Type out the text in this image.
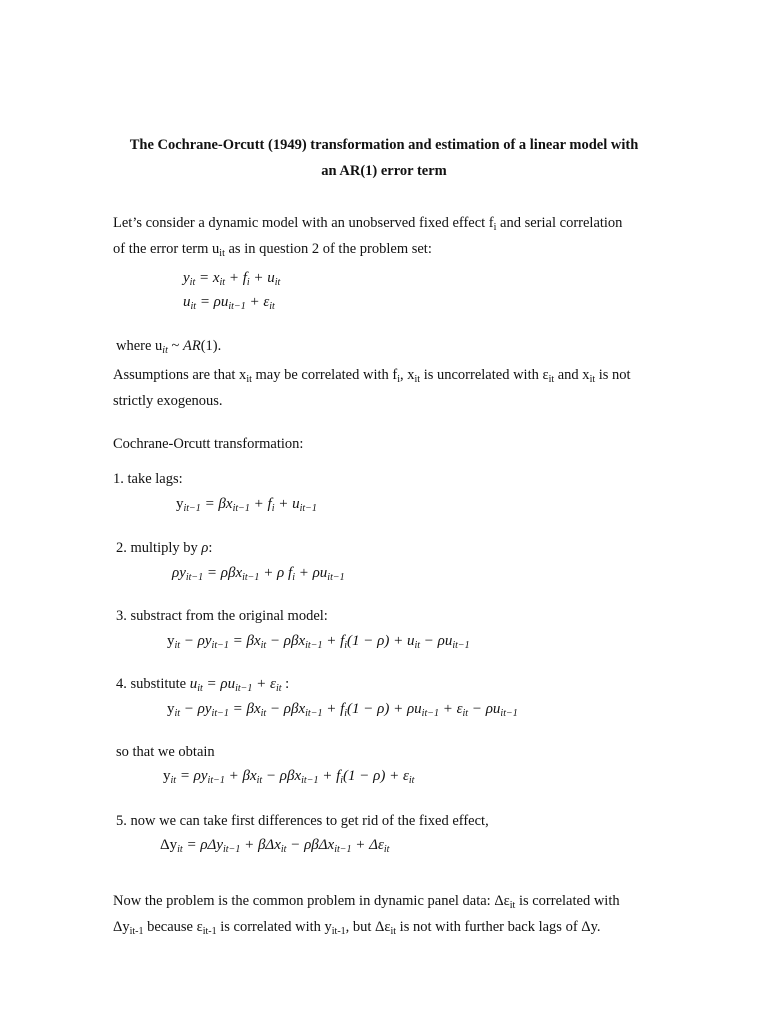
The Cochrane-Orcutt (1949) transformation and estimation of a linear model with
an AR(1) error term
Let’s consider a dynamic model with an unobserved fixed effect $f_i$ and serial correlation
of the error term $u_{it}$ as in question 2 of the problem set:
$y_{it} = x_{it} + f_i + u_{it}$
$u_{it} = \rho u_{it-1} + \varepsilon_{it}$
where $u_{it}$ ~ AR(1).
Assumptions are that $x_{it}$ may be correlated with $f_i$, $x_{it}$ is uncorrelated with $\varepsilon_{it}$ and $x_{it}$ is not
strictly exogenous.
Cochrane-Orcutt transformation:
1. take lags:
$y_{it-1} = \beta x_{it-1} + f_i + u_{it-1}$
2. multiply by ρ:
$\rho y_{it-1} = \rho\beta x_{it-1} + \rho$ $f_i + \rho u_{it-1}$
3. substract from the original model:
$y_{it} - \rho y_{it-1} = \beta x_{it} - \rho\beta x_{it-1} + f_i(1 - \rho) + u_{it} - \rho u_{it-1}$
4. substitute $u_{it} = \rho u_{it-1} + \varepsilon_{it}$ :
$y_{it} - \rho y_{it-1} = \beta x_{it} - \rho\beta x_{it-1} + f_i(1 - \rho) + \rho u_{it-1} + \varepsilon_{it} - \rho u_{it-1}$
so that we obtain
$y_{it} = \rho y_{it-1} + \beta x_{it} - \rho\beta x_{it-1} + f_i(1 - \rho) + \varepsilon_{it}$
5. now we can take first differences to get rid of the fixed effect,
$\Delta y_{it} = \rho\Delta y_{it-1} + \beta\Delta x_{it} - \rho\beta\Delta x_{it-1} + \Delta\varepsilon_{it}$
Now the problem is the common problem in dynamic panel data: $\Delta\varepsilon_{it}$ is correlated with
$\Delta y_{it-1}$ because $\varepsilon_{it-1}$ is correlated with $y_{it-1}$, but $\Delta\varepsilon_{it}$ is not with further back lags of Δy.
